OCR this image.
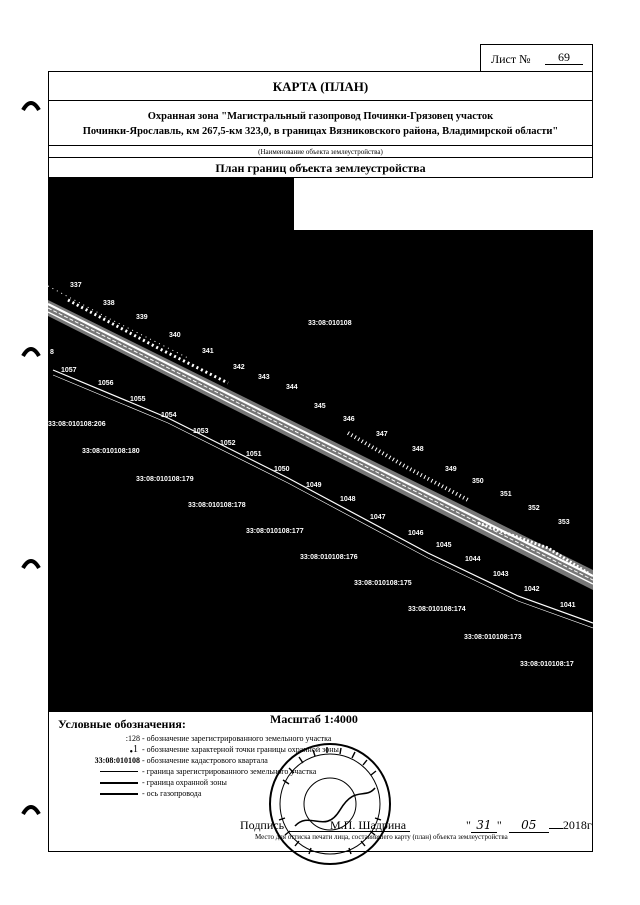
Лист №	69
КАРТА (ПЛАН)
Охранная зона "Магистральный газопровод Починки-Грязовец участок
Починки-Ярославль, км 267,5-км 323,0, в границах Вязниковского района, Владимирской области"
(Наименование объекта землеустройства)
План границ объекта землеустройства
337
338
339
340
341
342
343
344
345
346
347
348
349
350
351
352
353
1057
1056
1055
1054
1053
1052
1051
1050
1049
1048
1047
1046
1045
1044
1043
1042
1041
8
33:08:010108
33:08:010108:206
33:08:010108:180
33:08:010108:179
33:08:010108:178
33:08:010108:177
33:08:010108:176
33:08:010108:175
33:08:010108:174
33:08:010108:173
33:08:010108:17
Масштаб 1:4000
Условные обозначения:
:128 - обозначение зарегистрированного земельного участка
•1 - обозначение характерной точки границы охранной зоны
33:08:010108 - обозначение кадастрового квартала
- граница зарегистрированного земельного участка
- граница охранной зоны
- ось газопровода
Подпись	М.П. Шадрина	" 31 " 05 2018г
Место для оттиска печати лица, составившего карту (план) объекта землеустройства
